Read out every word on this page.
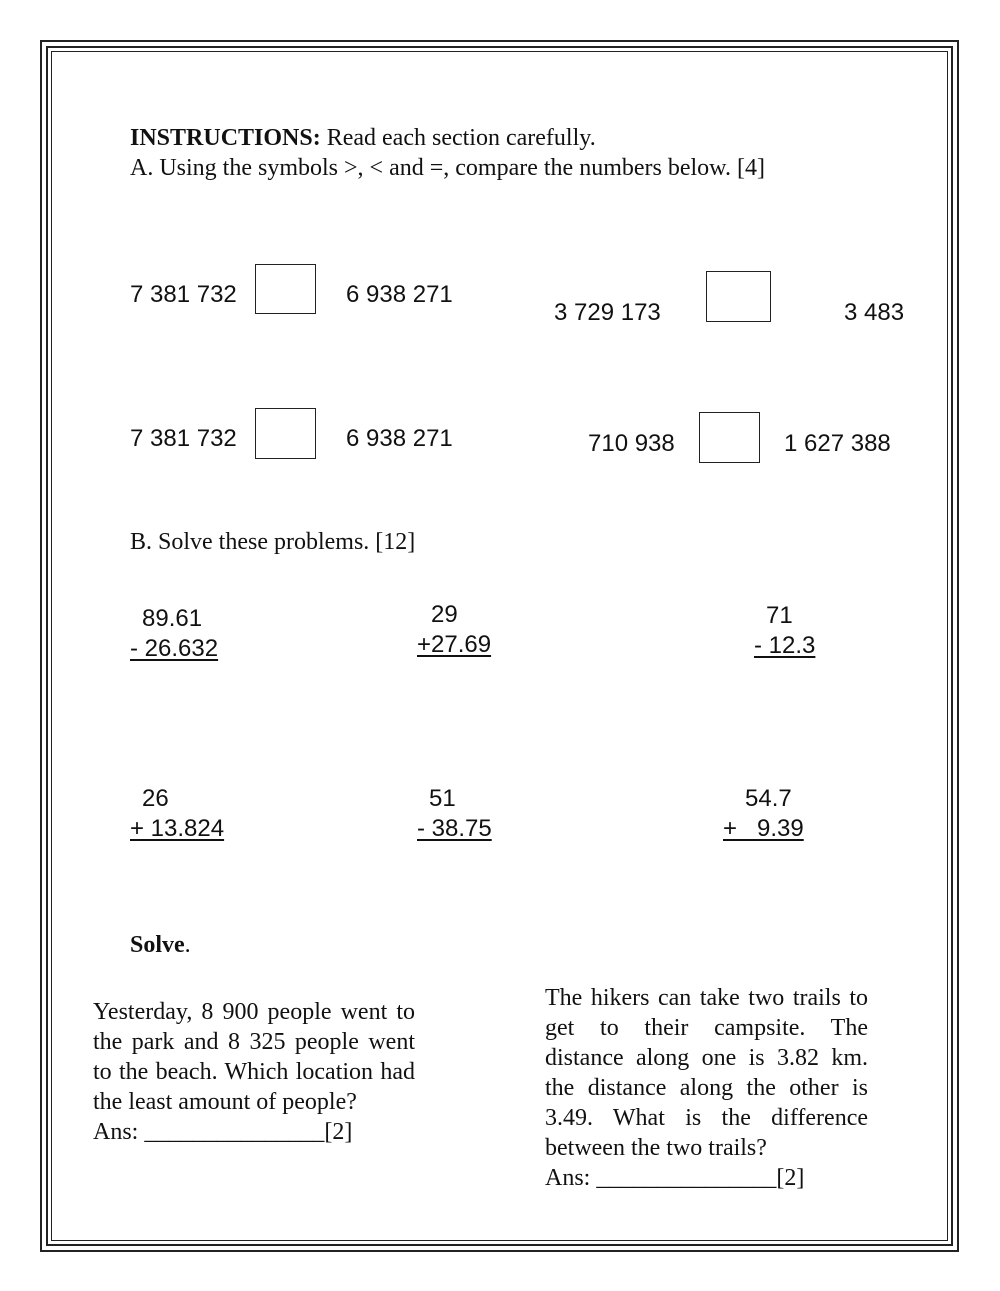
INSTRUCTIONS: Read each section carefully.
A. Using the symbols >, < and =, compare the numbers below. [4]
7 381 732	6 938 271
3 729 173	3 483
7 381 732	6 938 271	710 938	1 627 388
B. Solve these problems. [12]
89.61
- 26.632
29
+27.69
71
- 12.3
26
+ 13.824
51
- 38.75
54.7
+   9.39
Solve.

Yesterday, 8 900 people went to the park and 8 325 people went to the beach. Which location had the least amount of people?

Ans: _______________[2]

The hikers can take two trails to get to their campsite. The distance along one is 3.82 km. the distance along the other is 3.49. What is the difference between the two trails?

Ans: _______________[2]
